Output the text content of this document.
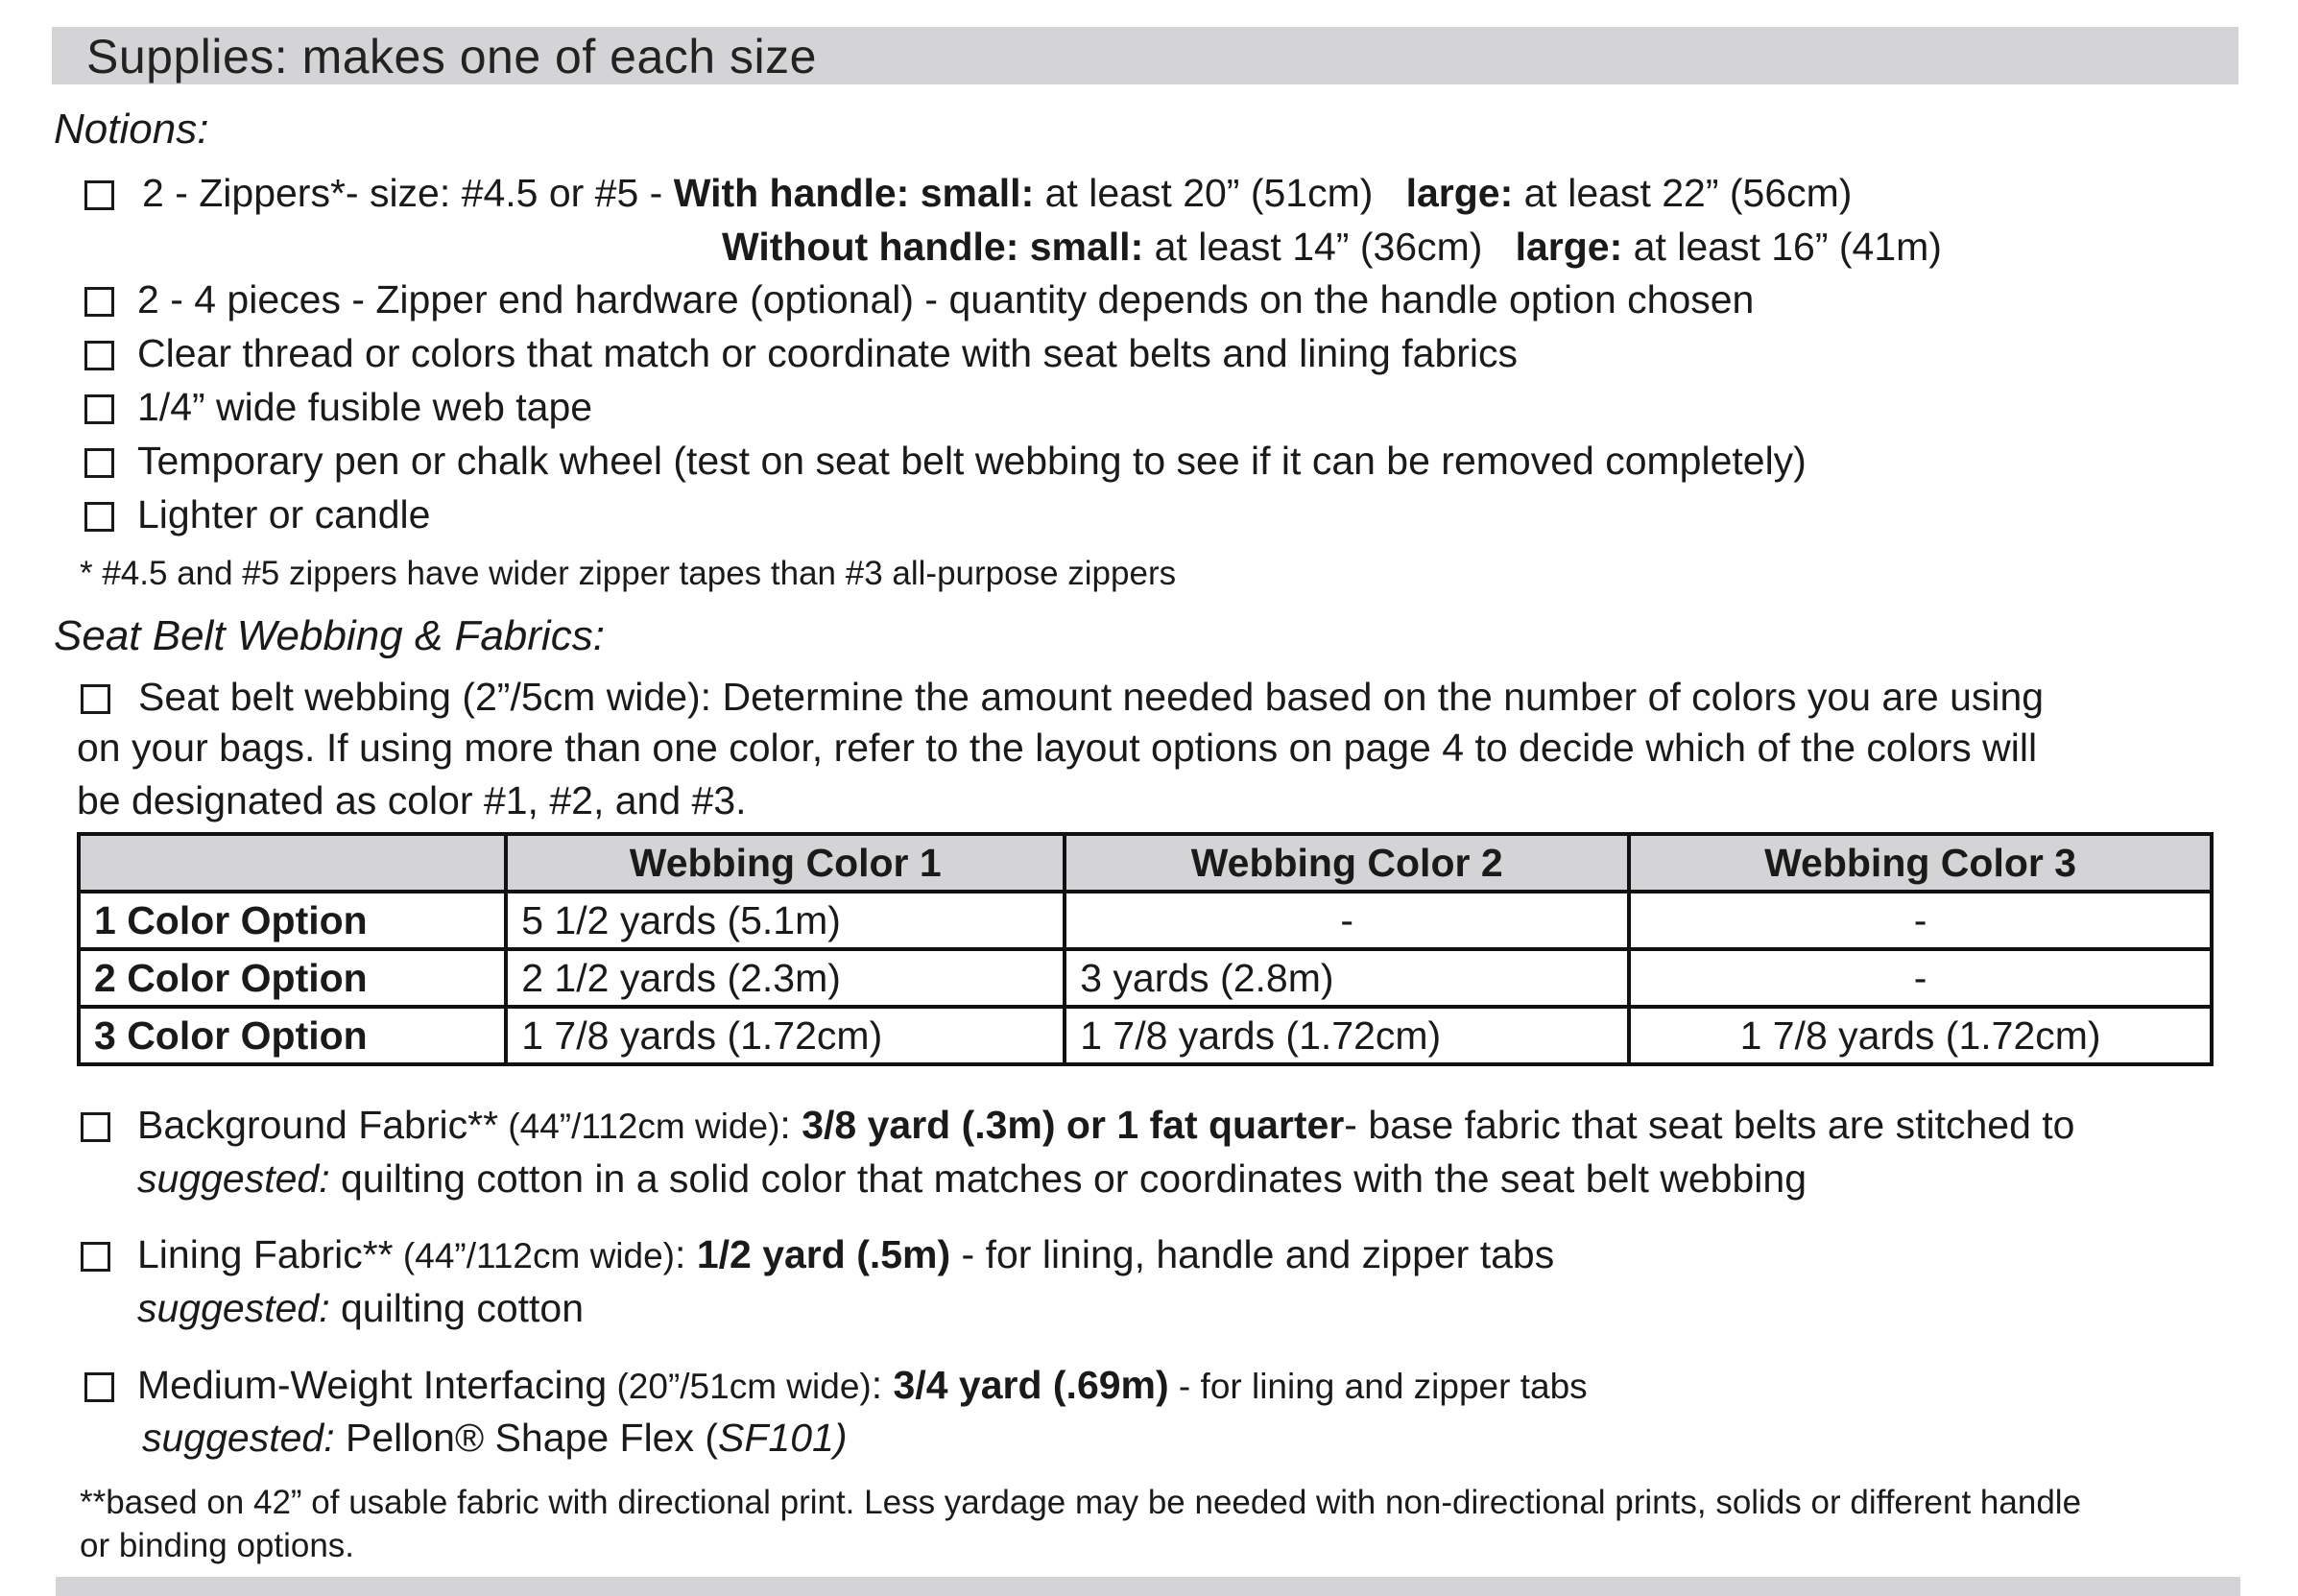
Supplies: makes one of each size
Notions:
2 - Zippers*- size: #4.5 or #5 - With handle: small: at least 20” (51cm)   large: at least 22” (56cm)
Without handle: small: at least 14” (36cm)   large: at least 16” (41m)
2 - 4 pieces - Zipper end hardware (optional) - quantity depends on the handle option chosen
Clear thread or colors that match or coordinate with seat belts and lining fabrics
1/4” wide fusible web tape
Temporary pen or chalk wheel (test on seat belt webbing to see if it can be removed completely)
Lighter or candle
* #4.5 and #5 zippers have wider zipper tapes than #3 all-purpose zippers
Seat Belt Webbing & Fabrics:
Seat belt webbing (2”/5cm wide): Determine the amount needed based on the number of colors you are using
on your bags. If using more than one color, refer to the layout options on page 4 to decide which of the colors will
be designated as color #1, #2, and #3.
	Webbing Color 1	Webbing Color 2	Webbing Color 3
1 Color Option	5 1/2 yards (5.1m)	-	-
2 Color Option	2 1/2 yards (2.3m)	3 yards (2.8m)	-
3 Color Option	1 7/8 yards (1.72cm)	1 7/8 yards (1.72cm)	1 7/8 yards (1.72cm)
Background Fabric** (44”/112cm wide): 3/8 yard (.3m) or 1 fat quarter- base fabric that seat belts are stitched to
suggested: quilting cotton in a solid color that matches or coordinates with the seat belt webbing
Lining Fabric** (44”/112cm wide): 1/2 yard (.5m) - for lining, handle and zipper tabs
suggested: quilting cotton
Medium-Weight Interfacing (20”/51cm wide): 3/4 yard (.69m) - for lining and zipper tabs
suggested: Pellon® Shape Flex (SF101)
**based on 42” of usable fabric with directional print. Less yardage may be needed with non-directional prints, solids or different handle
or binding options.
